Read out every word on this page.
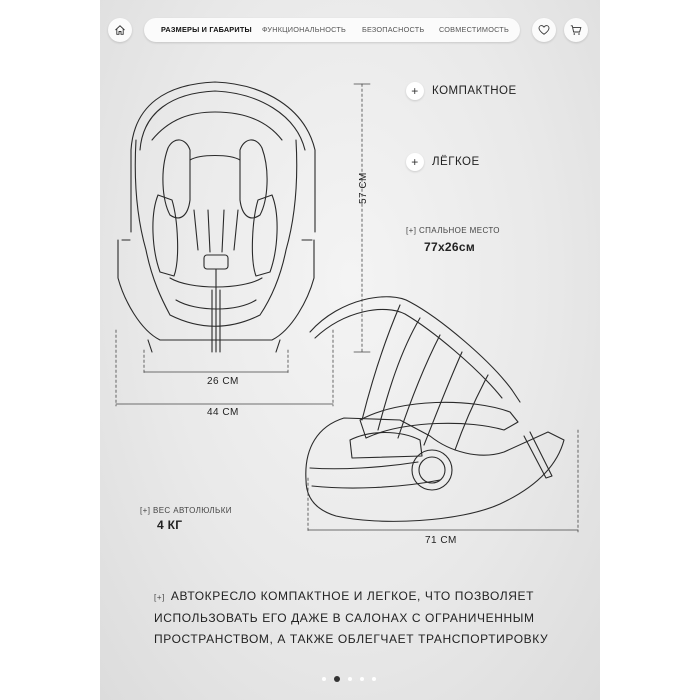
РАЗМЕРЫ И ГАБАРИТЫ ФУНКЦИОНАЛЬНОСТЬ БЕЗОПАСНОСТЬ СОВМЕСТИМОСТЬ
+	КОМПАКТНОЕ
+	ЛЁГКОЕ
[+] СПАЛЬНОЕ МЕСТО
77x26см
[+] ВЕС АВТОЛЮЛЬКИ
4 КГ
57 СМ
26 СМ
44 СМ
71 СМ
[+] АВТОКРЕСЛО КОМПАКТНОЕ И ЛЕГКОЕ, ЧТО ПОЗВОЛЯЕТ ИСПОЛЬЗОВАТЬ ЕГО ДАЖЕ В САЛОНАХ С ОГРАНИЧЕННЫМ ПРОСТРАНСТВОМ, А ТАКЖЕ ОБЛЕГЧАЕТ ТРАНСПОРТИРОВКУ
